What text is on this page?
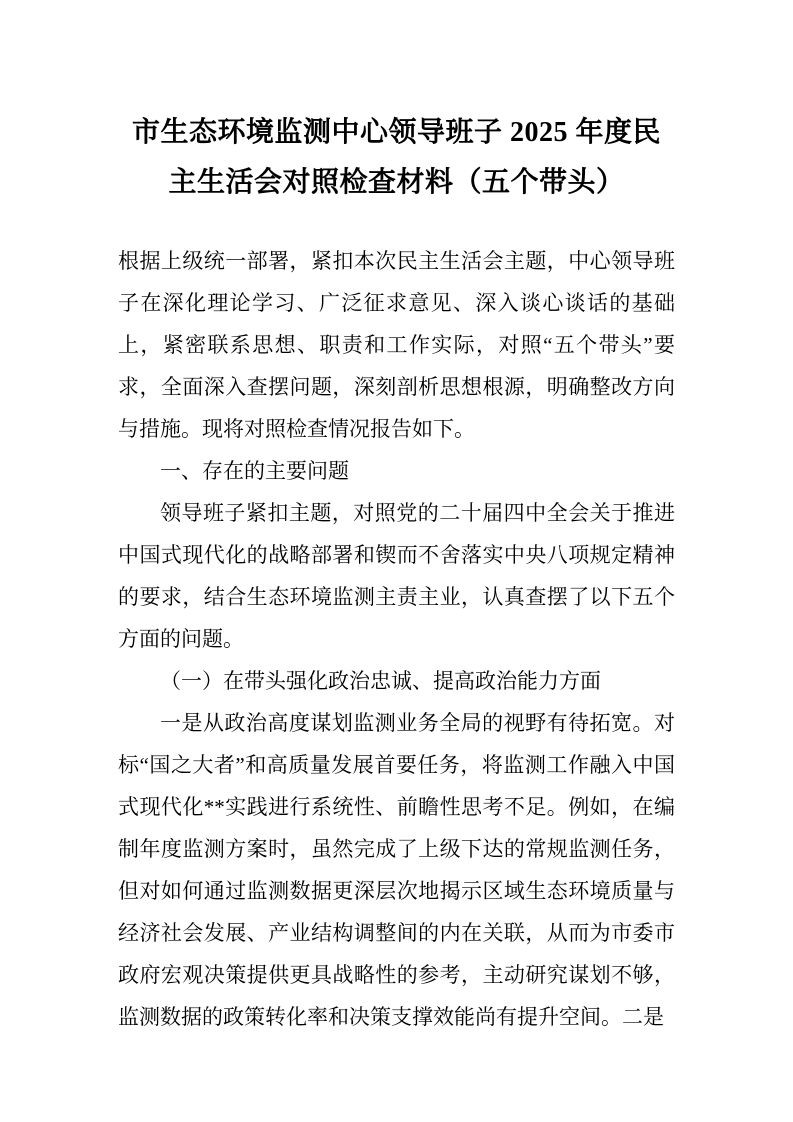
市生态环境监测中心领导班子 2025 年度民主生活会对照检查材料（五个带头）

根据上级统一部署，紧扣本次民主生活会主题，中心领导班子在深化理论学习、广泛征求意见、深入谈心谈话的基础上，紧密联系思想、职责和工作实际，对照“五个带头”要求，全面深入查摆问题，深刻剖析思想根源，明确整改方向与措施。现将对照检查情况报告如下。

一、存在的主要问题

领导班子紧扣主题，对照党的二十届四中全会关于推进中国式现代化的战略部署和锲而不舍落实中央八项规定精神的要求，结合生态环境监测主责主业，认真查摆了以下五个方面的问题。

（一）在带头强化政治忠诚、提高政治能力方面

一是从政治高度谋划监测业务全局的视野有待拓宽。对标“国之大者”和高质量发展首要任务，将监测工作融入中国式现代化**实践进行系统性、前瞻性思考不足。例如，在编制年度监测方案时，虽然完成了上级下达的常规监测任务，但对如何通过监测数据更深层次地揭示区域生态环境质量与经济社会发展、产业结构调整间的内在关联，从而为市委市政府宏观决策提供更具战略性的参考，主动研究谋划不够，监测数据的政策转化率和决策支撑效能尚有提升空间。二是
